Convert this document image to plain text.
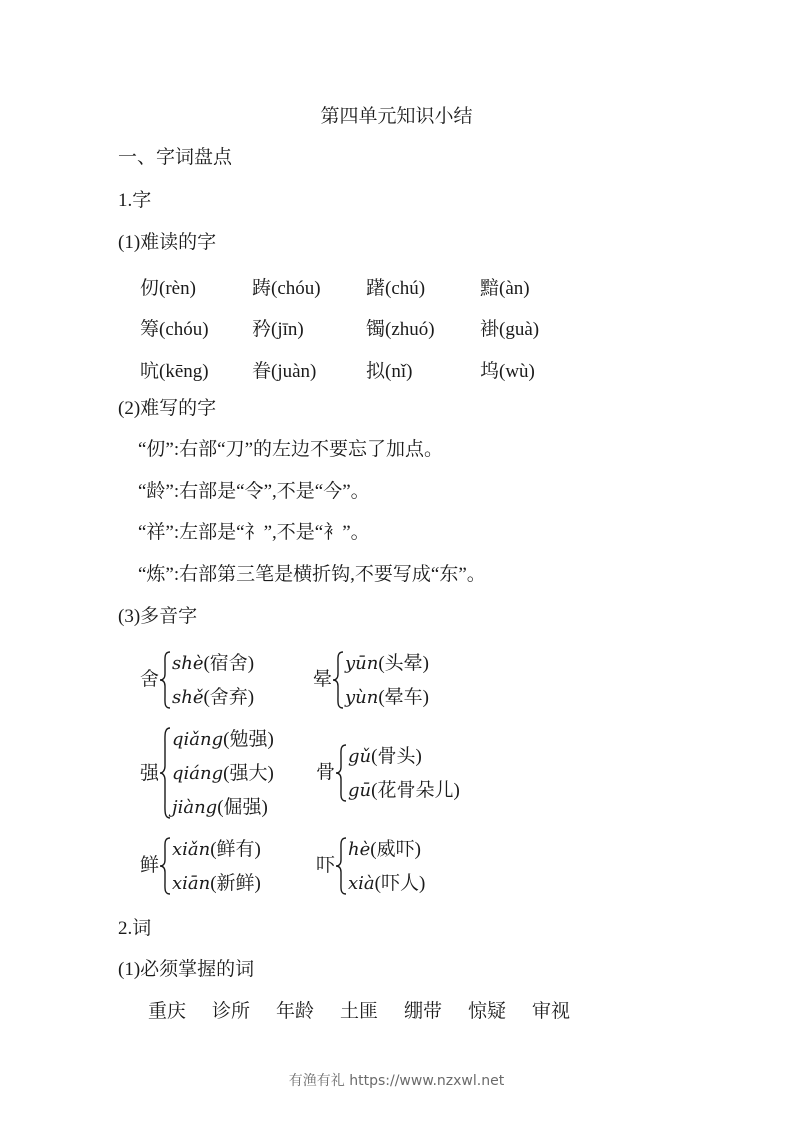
第四单元知识小结
一、字词盘点
1.字
(1)难读的字
仞(rèn)	踌(chóu) 躇(chú)	黯(àn)
筹(chóu) 矜(jīn)	镯(zhuó) 褂(guà)
吭(kēng) 眷(juàn)	拟(nǐ)	坞(wù)
(2)难写的字
“仞”:右部“刀”的左边不要忘了加点。
“龄”:右部是“令”,不是“今”。
“祥”:左部是“礻”,不是“衤”。
“炼”:右部第三笔是横折钩,不要写成“东”。
(3)多音字
舍
shè(宿舍)
shě(舍弃)
晕
yūn(头晕)
yùn(晕车)
强
qiǎng(勉强)
qiáng(强大)
jiàng(倔强)
骨
gǔ(骨头)
gū(花骨朵儿)
鲜
xiǎn(鲜有)
xiān(新鲜)
吓
hè(威吓)
xià(吓人)
2.词
(1)必须掌握的词
重庆 诊所 年龄 土匪 绷带 惊疑 审视
有渔有礼 https://www.nzxwl.net
